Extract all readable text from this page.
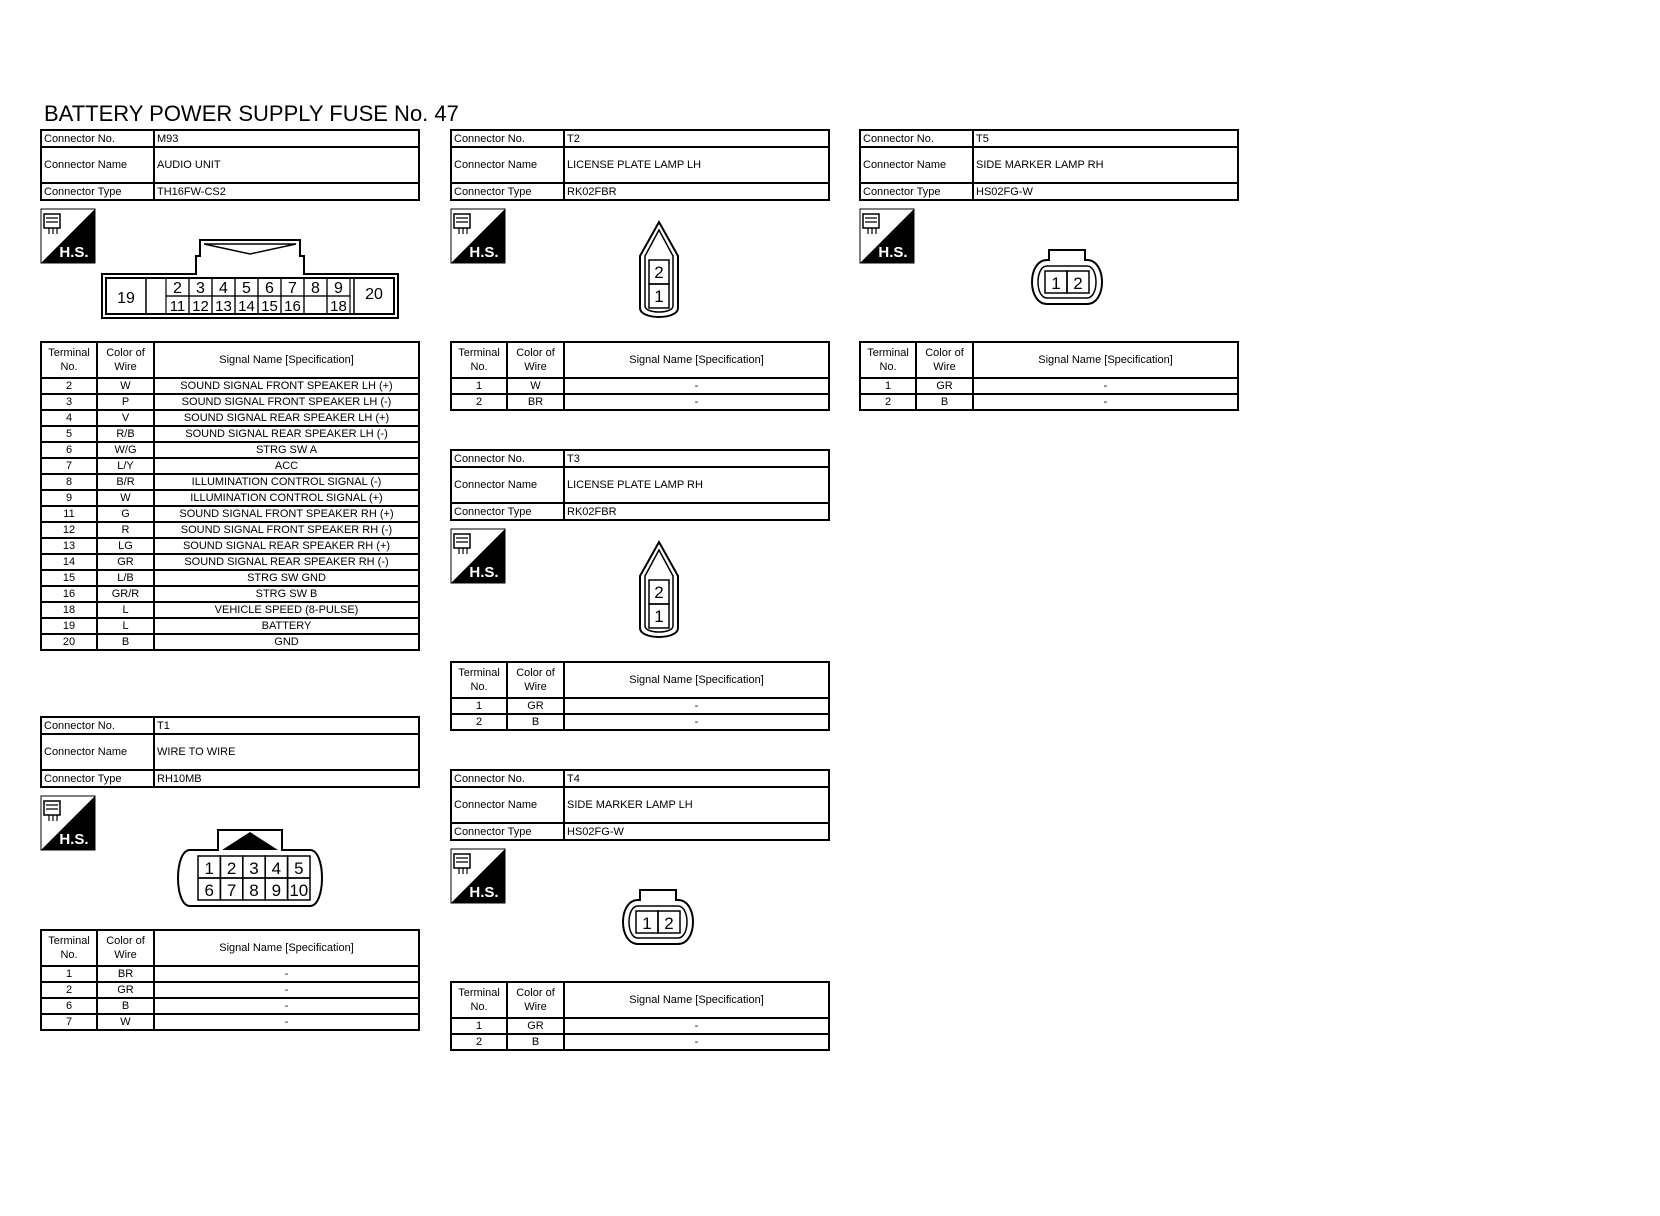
BATTERY POWER SUPPLY FUSE No. 47
Connector No.	M93
Connector Name	AUDIO UNIT
Connector Type	TH16FW-CS2
H.S.
19	20
2 3 4 5 6 7 8 9
11 12 13 14 15 16 18
Terminal No.	Color of Wire	Signal Name [Specification]
2	W	SOUND SIGNAL FRONT SPEAKER LH (+)
3	P	SOUND SIGNAL FRONT SPEAKER LH (-)
4	V	SOUND SIGNAL REAR SPEAKER LH (+)
5	R/B	SOUND SIGNAL REAR SPEAKER LH (-)
6	W/G	STRG SW A
7	L/Y	ACC
8	B/R	ILLUMINATION CONTROL SIGNAL (-)
9	W	ILLUMINATION CONTROL SIGNAL (+)
11	G	SOUND SIGNAL FRONT SPEAKER RH (+)
12	R	SOUND SIGNAL FRONT SPEAKER RH (-)
13	LG	SOUND SIGNAL REAR SPEAKER RH (+)
14	GR	SOUND SIGNAL REAR SPEAKER RH (-)
15	L/B	STRG SW GND
16	GR/R	STRG SW B
18	L	VEHICLE SPEED (8-PULSE)
19	L	BATTERY
20	B	GND
Connector No.	T1
Connector Name	WIRE TO WIRE
Connector Type	RH10MB
H.S.
1 2 3 4 5
6 7 8 9 10
Terminal No.	Color of Wire	Signal Name [Specification]
1	BR	-
2	GR	-
6	B	-
7	W	-
Connector No.	T2
Connector Name	LICENSE PLATE LAMP LH
Connector Type	RK02FBR
H.S.
2
1
Terminal No.	Color of Wire	Signal Name [Specification]
1	W	-
2	BR	-
Connector No.	T3
Connector Name	LICENSE PLATE LAMP RH
Connector Type	RK02FBR
H.S.
2
1
Terminal No.	Color of Wire	Signal Name [Specification]
1	GR	-
2	B	-
Connector No.	T4
Connector Name	SIDE MARKER LAMP LH
Connector Type	HS02FG-W
H.S.
1 2
Terminal No.	Color of Wire	Signal Name [Specification]
1	GR	-
2	B	-
Connector No.	T5
Connector Name	SIDE MARKER LAMP RH
Connector Type	HS02FG-W
H.S.
1 2
Terminal No.	Color of Wire	Signal Name [Specification]
1	GR	-
2	B	-
